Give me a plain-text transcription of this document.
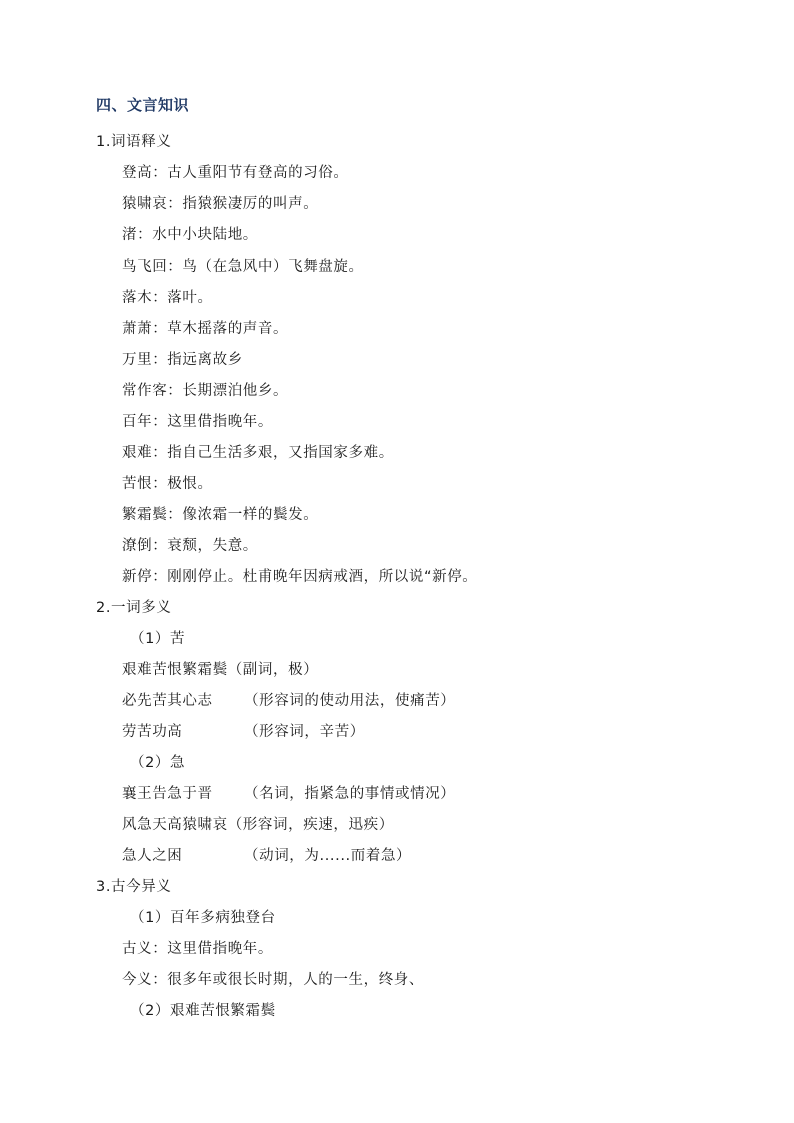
四、文言知识
1.词语释义
登高：古人重阳节有登高的习俗。
猿啸哀：指猿猴凄厉的叫声。
渚：水中小块陆地。
鸟飞回：鸟（在急风中）飞舞盘旋。
落木：落叶。
萧萧：草木摇落的声音。
万里：指远离故乡
常作客：长期漂泊他乡。
百年：这里借指晚年。
艰难：指自己生活多艰，又指国家多难。
苦恨：极恨。
繁霜鬓：像浓霜一样的鬓发。
潦倒：衰颓，失意。
新停：刚刚停止。杜甫晚年因病戒酒，所以说“新停。
2.一词多义
（1）苦
艰难苦恨繁霜鬓（副词，极）
必先苦其心志 （形容词的使动用法，使痛苦）
劳苦功高	（形容词，辛苦）
（2）急
襄王告急于晋 （名词，指紧急的事情或情况）
风急天高猿啸哀（形容词，疾速，迅疾）
急人之困	（动词，为......而着急）
3.古今异义
（1）百年多病独登台
古义：这里借指晚年。
今义：很多年或很长时期，人的一生，终身、
（2）艰难苦恨繁霜鬓
